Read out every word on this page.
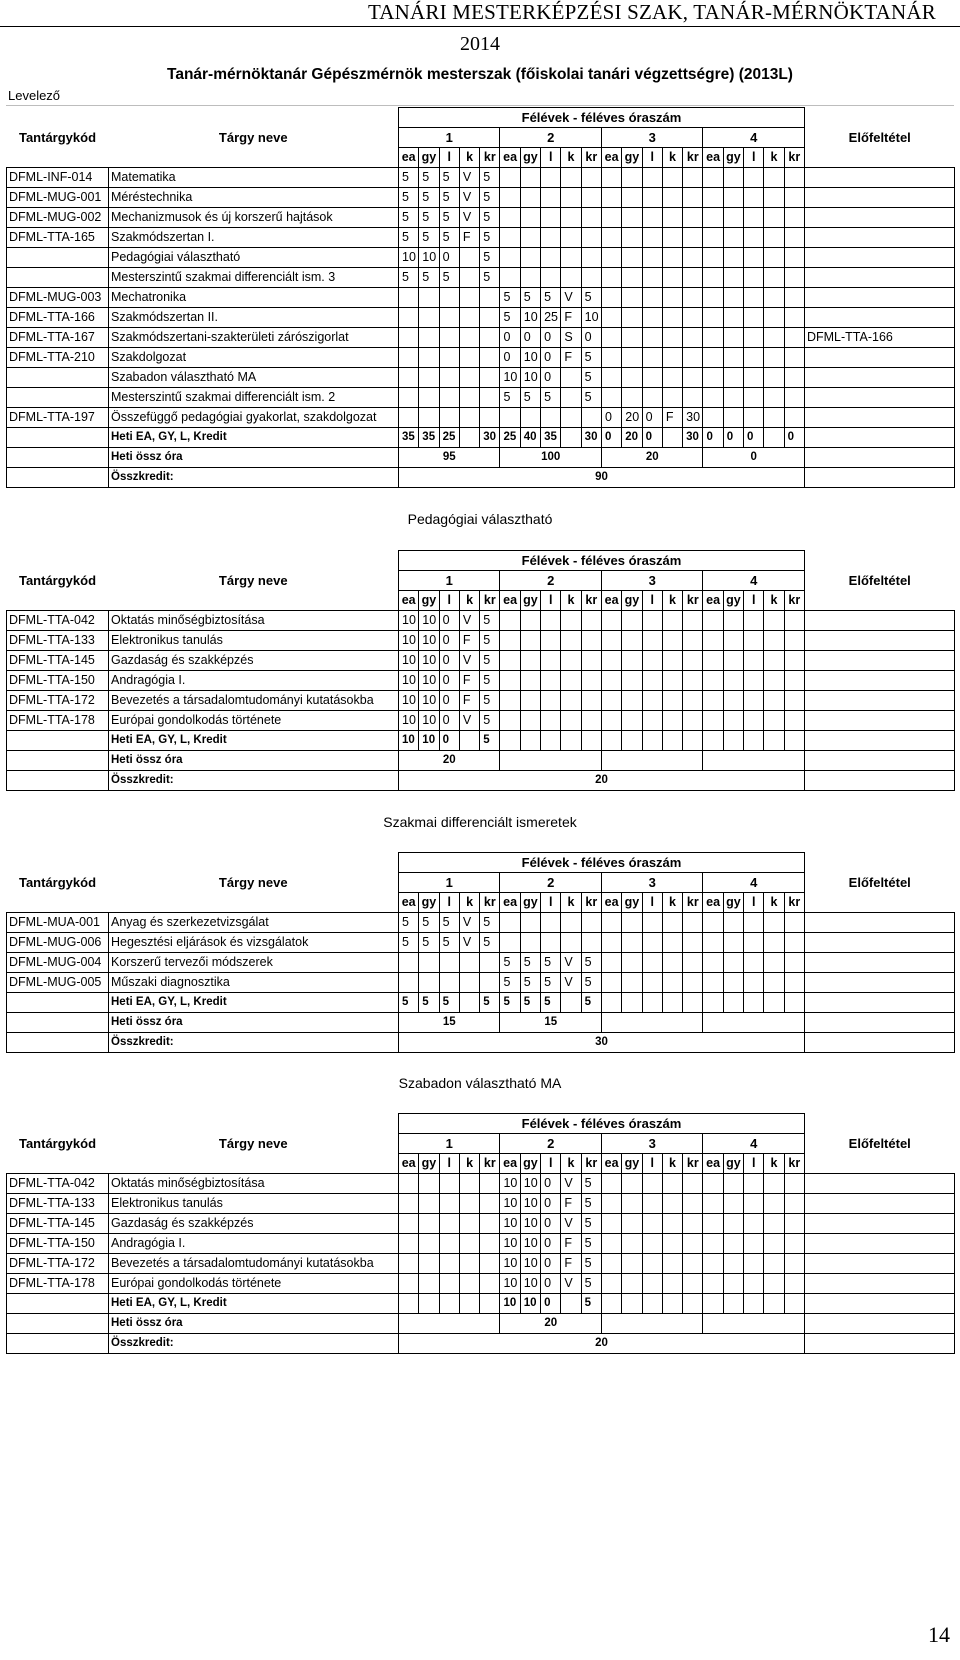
TANÁRI MESTERKÉPZÉSI SZAK, TANÁR-MÉRNÖKTANÁR
2014
Tanár-mérnöktanár Gépészmérnök mesterszak (főiskolai tanári végzettségre) (2013L)
Levelező
Pedagógiai választható
Szakmai differenciált ismeretek
Szabadon választható MA
		Félévek - féléves óraszám																				
Tantárgykód	Tárgy neve	1					2					3					4					Előfeltétel
		ea	gy	l	k	kr	ea	gy	l	k	kr	ea	gy	l	k	kr	ea	gy	l	k	kr	
DFML-INF-014	Matematika	5	5	5	V	5																
DFML-MUG-001	Méréstechnika	5	5	5	V	5																
DFML-MUG-002	Mechanizmusok és új korszerű hajtások	5	5	5	V	5																
DFML-TTA-165	Szakmódszertan I.	5	5	5	F	5																
	Pedagógiai választható	10	10	0		5																
	Mesterszintű szakmai differenciált ism. 3	5	5	5		5																
DFML-MUG-003	Mechatronika						5	5	5	V	5											
DFML-TTA-166	Szakmódszertan II.						5	10	25	F	10											
DFML-TTA-167	Szakmódszertani-szakterületi zárószigorlat						0	0	0	S	0											DFML-TTA-166
DFML-TTA-210	Szakdolgozat						0	10	0	F	5											
	Szabadon választható MA						10	10	0		5											
	Mesterszintű szakmai differenciált ism. 2						5	5	5		5											
DFML-TTA-197	Összefüggő pedagógiai gyakorlat, szakdolgozat											0	20	0	F	30						
	Heti EA, GY, L, Kredit	35	35	25		30	25	40	35		30	0	20	0		30	0	0	0		0	
	Heti össz óra	95					100					20					0					
	Összkredit:	90																				
		Félévek - féléves óraszám																				
Tantárgykód	Tárgy neve	1					2					3					4					Előfeltétel
		ea	gy	l	k	kr	ea	gy	l	k	kr	ea	gy	l	k	kr	ea	gy	l	k	kr	
DFML-TTA-042	Oktatás minőségbiztosítása	10	10	0	V	5																
DFML-TTA-133	Elektronikus tanulás	10	10	0	F	5																
DFML-TTA-145	Gazdaság és szakképzés	10	10	0	V	5																
DFML-TTA-150	Andragógia I.	10	10	0	F	5																
DFML-TTA-172	Bevezetés a társadalomtudományi kutatásokba	10	10	0	F	5																
DFML-TTA-178	Európai gondolkodás története	10	10	0	V	5																
	Heti EA, GY, L, Kredit	10	10	0		5																
	Heti össz óra	20																				
	Összkredit:	20																				
		Félévek - féléves óraszám																				
Tantárgykód	Tárgy neve	1					2					3					4					Előfeltétel
		ea	gy	l	k	kr	ea	gy	l	k	kr	ea	gy	l	k	kr	ea	gy	l	k	kr	
DFML-MUA-001	Anyag és szerkezetvizsgálat	5	5	5	V	5																
DFML-MUG-006	Hegesztési eljárások és vizsgálatok	5	5	5	V	5																
DFML-MUG-004	Korszerű tervezői módszerek						5	5	5	V	5											
DFML-MUG-005	Műszaki diagnosztika						5	5	5	V	5											
	Heti EA, GY, L, Kredit	5	5	5		5	5	5	5		5											
	Heti össz óra	15					15															
	Összkredit:	30																				
		Félévek - féléves óraszám																				
Tantárgykód	Tárgy neve	1					2					3					4					Előfeltétel
		ea	gy	l	k	kr	ea	gy	l	k	kr	ea	gy	l	k	kr	ea	gy	l	k	kr	
DFML-TTA-042	Oktatás minőségbiztosítása						10	10	0	V	5											
DFML-TTA-133	Elektronikus tanulás						10	10	0	F	5											
DFML-TTA-145	Gazdaság és szakképzés						10	10	0	V	5											
DFML-TTA-150	Andragógia I.						10	10	0	F	5											
DFML-TTA-172	Bevezetés a társadalomtudományi kutatásokba						10	10	0	F	5											
DFML-TTA-178	Európai gondolkodás története						10	10	0	V	5											
	Heti EA, GY, L, Kredit						10	10	0		5											
	Heti össz óra						20															
	Összkredit:	20																				
14
